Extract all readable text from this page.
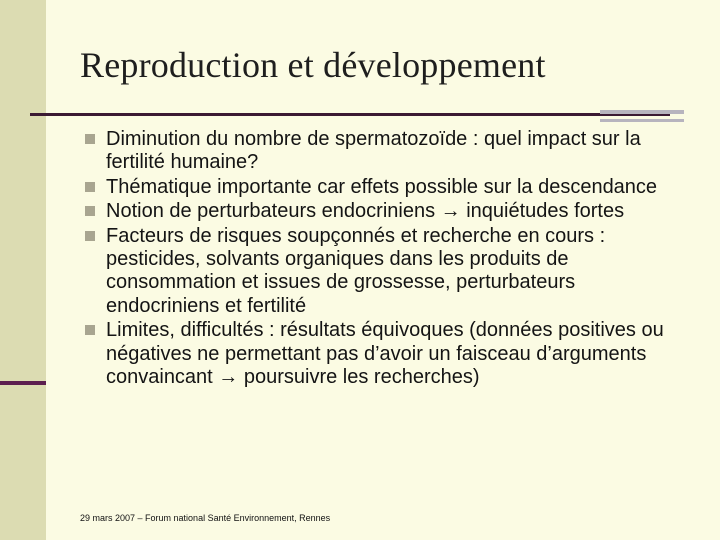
Reproduction et développement
Diminution du nombre de spermatozoïde : quel impact sur la fertilité humaine?
Thématique importante car effets possible sur la descendance
Notion de perturbateurs endocriniens → inquiétudes fortes
Facteurs de risques soupçonnés et recherche en cours : pesticides, solvants organiques dans les produits de consommation et issues de grossesse, perturbateurs endocriniens et fertilité
Limites, difficultés : résultats équivoques (données positives ou négatives ne permettant pas d’avoir un faisceau d’arguments convaincant → poursuivre les recherches)
29 mars 2007 – Forum national Santé Environnement, Rennes
